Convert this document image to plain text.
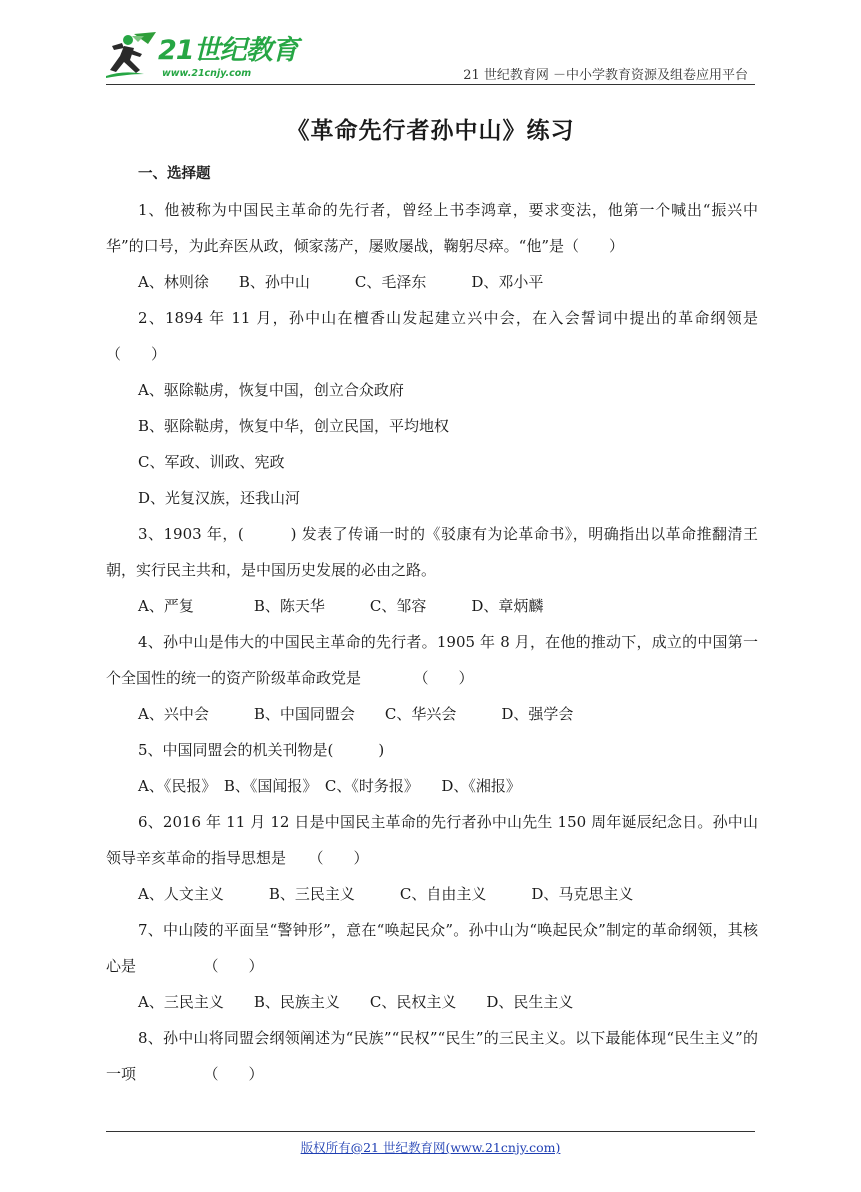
21世纪教育
www.21cnjy.com	21 世纪教育网 －中小学教育资源及组卷应用平台
《革命先行者孙中山》练习
一、选择题

1、他被称为中国民主革命的先行者，曾经上书李鸿章，要求变法，他第一个喊出“振兴中华”的口号，为此弃医从政，倾家荡产，屡败屡战，鞠躬尽瘁。“他”是（　　）

A、林则徐　　B、孙中山　　　C、毛泽东　　　D、邓小平

2、1894 年 11 月，孙中山在檀香山发起建立兴中会，在入会誓词中提出的革命纲领是（　　）

A、驱除鞑虏，恢复中国，创立合众政府

B、驱除鞑虏，恢复中华，创立民国，平均地权

C、军政、训政、宪政

D、光复汉族，还我山河

3、1903 年，(　　　) 发表了传诵一时的《驳康有为论革命书》，明确指出以革命推翻清王朝，实行民主共和，是中国历史发展的必由之路。

A、严复　　　　B、陈天华　　　C、邹容　　　D、章炳麟

4、孙中山是伟大的中国民主革命的先行者。1905 年 8 月，在他的推动下，成立的中国第一个全国性的统一的资产阶级革命政党是　　　　（　　）

A、兴中会　　　B、中国同盟会　　C、华兴会　　　D、强学会

5、中国同盟会的机关刊物是(　　　)

A、《民报》　B、《国闻报》　C、《时务报》　　D、《湘报》

6、2016 年 11 月 12 日是中国民主革命的先行者孙中山先生 150 周年诞辰纪念日。孙中山领导辛亥革命的指导思想是　　（　　）

A、人文主义　　　B、三民主义　　　C、自由主义　　　D、马克思主义

7、中山陵的平面呈“警钟形”，意在“唤起民众”。孙中山为“唤起民众”制定的革命纲领，其核心是　　　　　（　　）

A、三民主义　　B、民族主义　　C、民权主义　　D、民生主义

8、孙中山将同盟会纲领阐述为“民族”“民权”“民生”的三民主义。以下最能体现“民生主义”的一项　　　　　（　　）

版权所有@21 世纪教育网(www.21cnjy.com)
